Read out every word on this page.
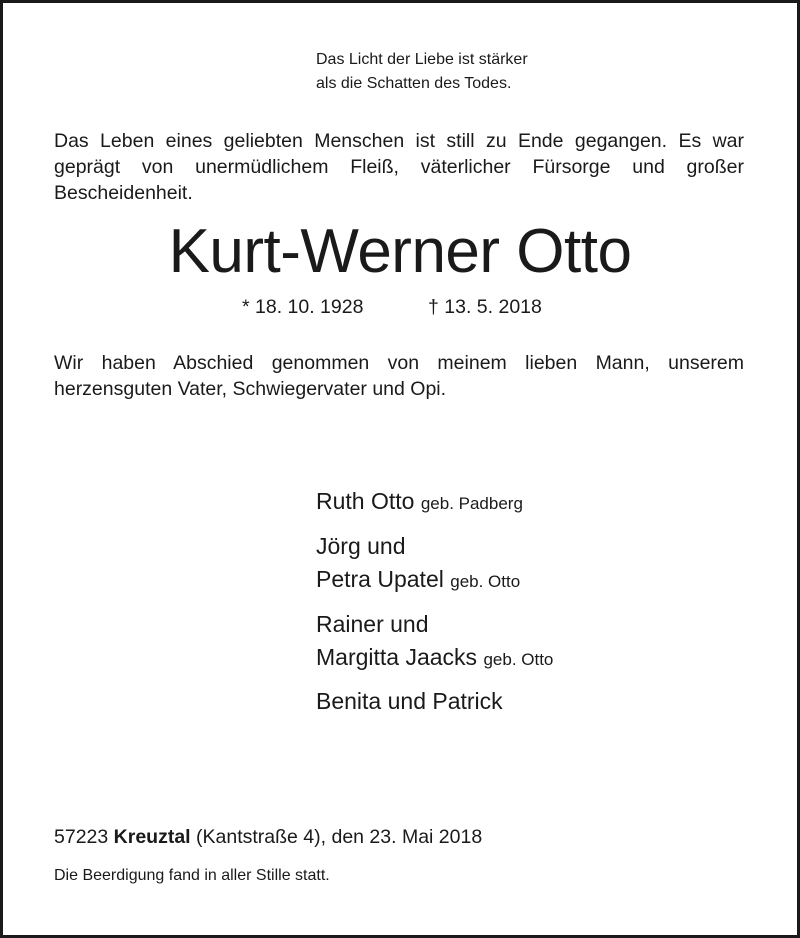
Das Licht der Liebe ist stärker
als die Schatten des Todes.

Das Leben eines geliebten Menschen ist still zu Ende gegangen. Es war geprägt von unermüdlichem Fleiß, väterlicher Fürsorge und großer Bescheidenheit.

Kurt-Werner Otto
* 18. 10. 1928	† 13. 5. 2018

Wir haben Abschied genommen von meinem lieben Mann, unserem herzensguten Vater, Schwiegervater und Opi.

Ruth Otto geb. Padberg
Jörg und
Petra Upatel geb. Otto
Rainer und
Margitta Jaacks geb. Otto
Benita und Patrick

57223 Kreuztal (Kantstraße 4), den 23. Mai 2018

Die Beerdigung fand in aller Stille statt.
